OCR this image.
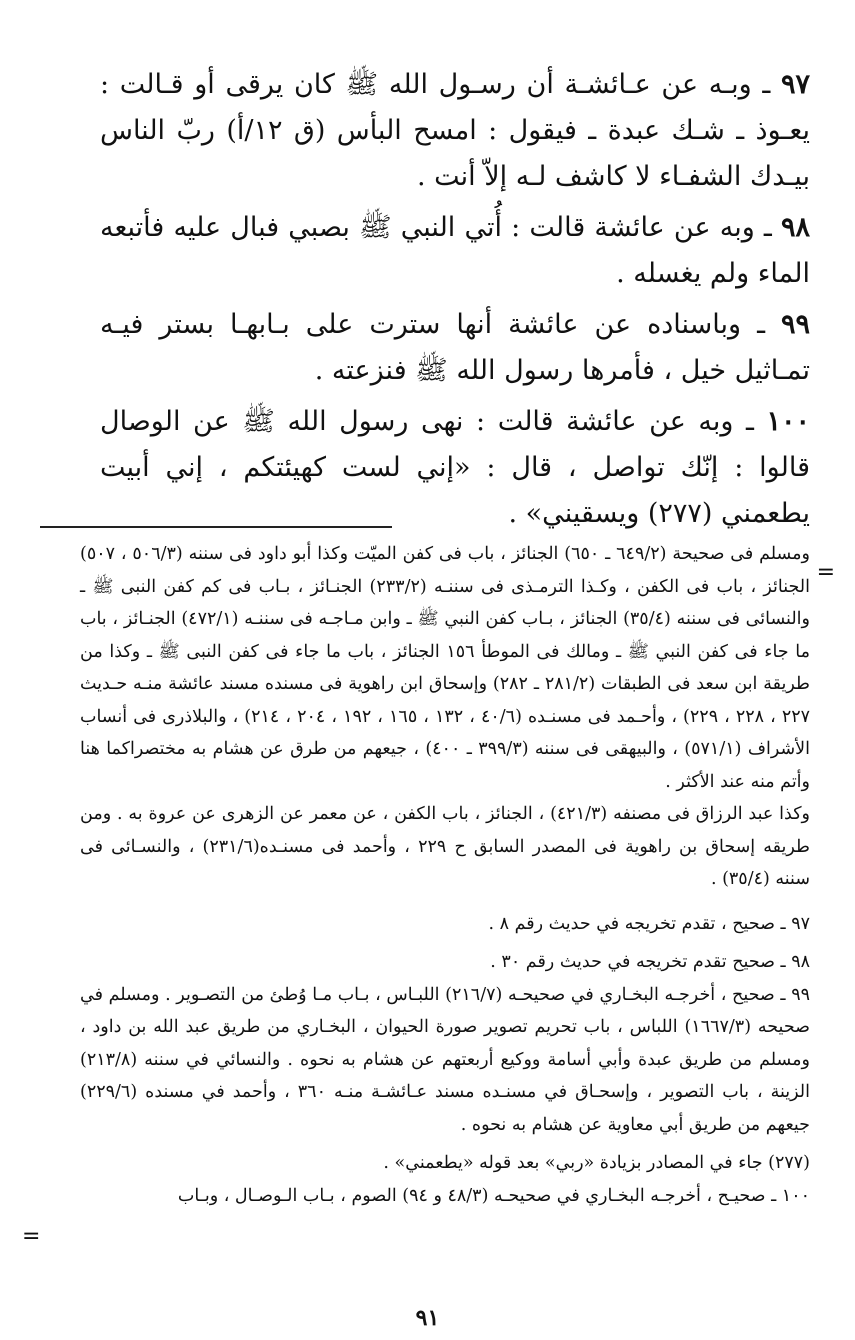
٩٧ ـ وبـه عن عـائشـة أن رسـول الله ﷺ كان يرقى أو قـالت : يعـوذ ـ شـك عبدة ـ فيقول : امسح البأس (ق ١٢/أ) ربّ الناس بيـدك الشفـاء لا كاشف لـه إلاّ أنت .

٩٨ ـ وبه عن عائشة قالت : أُتي النبي ﷺ بصبي فبال عليه فأتبعه الماء ولم يغسله .

٩٩ ـ وباسناده عن عائشة أنها سترت على بـابهـا بستر فيـه تمـاثيل خيل ، فأمرها رسول الله ﷺ فنزعته .

١٠٠ ـ وبه عن عائشة قالت : نهى رسول الله ﷺ عن الوصال قالوا : إنّك تواصل ، قال : «إني لست كهيئتكم ، إني أبيت يطعمني (٢٧٧) ويسقيني» .

=

ومسلم فى صحيحة (٦٤٩/٢ ـ ٦٥٠) الجنائز ، باب فى كفن الميّت وكذا أبو داود فى سننه (٥٠٦/٣ ، ٥٠٧) الجنائز ، باب فى الكفن ، وكـذا الترمـذى فى سننـه (٢٣٣/٢) الجنـائز ، بـاب فى كم كفن النبى ﷺ ـ والنسائى فى سننه (٣٥/٤) الجنائز ، بـاب كفن النبي ﷺ ـ وابن مـاجـه فى سننـه (٤٧٢/١) الجنـائز ، باب ما جاء فى كفن النبي ﷺ ـ ومالك فى الموطأ ١٥٦ الجنائز ، باب ما جاء فى كفن النبى ﷺ ـ وكذا من طريقة ابن سعد فى الطبقات (٢٨١/٢ ـ ٢٨٢) وإسحاق ابن راهوية فى مسنده مسند عائشة منـه حـديث ٢٢٧ ، ٢٢٨ ، ٢٢٩) ، وأحـمد فى مسنـده (٤٠/٦ ، ١٣٢ ، ١٦٥ ، ١٩٢ ، ٢٠٤ ، ٢١٤) ، والبلاذرى فى أنساب الأشراف (٥٧١/١) ، والبيهقى فى سننه (٣٩٩/٣ ـ ٤٠٠) ، جيعهم من طرق عن هشام به مختصراكما هنا وأتم منه عند الأكثر .

وكذا عبد الرزاق فى مصنفه (٤٢١/٣) ، الجنائز ، باب الكفن ، عن معمر عن الزهرى عن عروة به . ومن طريقه إسحاق بن راهوية فى المصدر السابق ح ٢٢٩ ، وأحمد فى مسنـده(٢٣١/٦) ، والنسـائى فى سننه (٣٥/٤) .

٩٧ ـ صحيح ، تقدم تخريجه في حديث رقم ٨ .

٩٨ ـ صحيح تقدم تخريجه في حديث رقم ٣٠ .

٩٩ ـ صحيح ، أخرجـه البخـاري في صحيحـه (٢١٦/٧) اللبـاس ، بـاب مـا وُطئ من التصـوير . ومسلم في صحيحه (١٦٦٧/٣) اللباس ، باب تحريم تصوير صورة الحيوان ، البخـاري من طريق عبد الله بن داود ، ومسلم من طريق عبدة وأبي أسامة ووكيع أربعتهم عن هشام به نحوه . والنسائي في سننه (٢١٣/٨) الزينة ، باب التصوير ، وإسحـاق في مسنـده مسند عـائشـة منـه ٣٦٠ ، وأحمد في مسنده (٢٢٩/٦) جيعهم من طريق أبي معاوية عن هشام به نحوه .

(٢٧٧) جاء في المصادر بزيادة «ربي» بعد قوله «يطعمني» .

١٠٠ ـ صحيـح ، أخرجـه البخـاري في صحيحـه (٤٨/٣ و ٩٤) الصوم ، بـاب الـوصـال ، وبـاب

=
٩١
